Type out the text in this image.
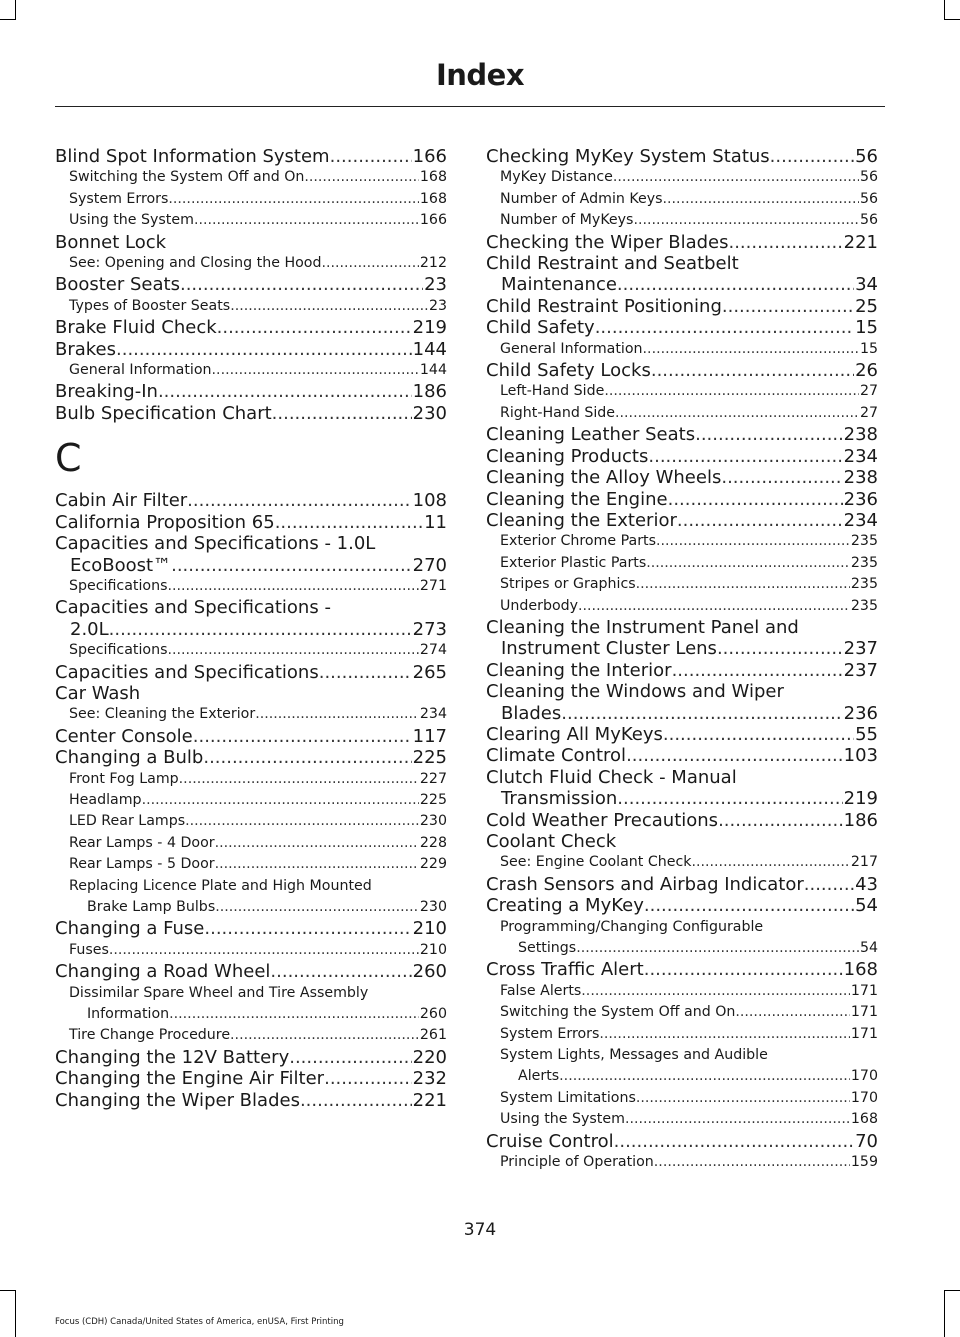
Index
Blind Spot Information System .....	166
Switching the System Off and On .....	168
System Errors .....	168
Using the System .....	166
Bonnet Lock
See: Opening and Closing the Hood .....	212
Booster Seats .....	23
Types of Booster Seats .....	23
Brake Fluid Check .....	219
Brakes .....	144
General Information .....	144
Breaking-In .....	186
Bulb Specification Chart .....	230
C
Cabin Air Filter .....	108
California Proposition 65 .....	11
Capacities and Specifications - 1.0L
EcoBoost™ .....	270
Specifications .....	271
Capacities and Specifications -
2.0L .....	273
Specifications .....	274
Capacities and Specifications .....	265
Car Wash
See: Cleaning the Exterior .....	234
Center Console .....	117
Changing a Bulb .....	225
Front Fog Lamp .....	227
Headlamp .....	225
LED Rear Lamps .....	230
Rear Lamps - 4 Door .....	228
Rear Lamps - 5 Door .....	229
Replacing Licence Plate and High Mounted
Brake Lamp Bulbs .....	230
Changing a Fuse .....	210
Fuses .....	210
Changing a Road Wheel .....	260
Dissimilar Spare Wheel and Tire Assembly
Information .....	260
Tire Change Procedure .....	261
Changing the 12V Battery .....	220
Changing the Engine Air Filter .....	232
Changing the Wiper Blades .....	221
Checking MyKey System Status .....	56
MyKey Distance .....	56
Number of Admin Keys .....	56
Number of MyKeys .....	56
Checking the Wiper Blades .....	221
Child Restraint and Seatbelt
Maintenance .....	34
Child Restraint Positioning .....	25
Child Safety .....	15
General Information .....	15
Child Safety Locks .....	26
Left-Hand Side .....	27
Right-Hand Side .....	27
Cleaning Leather Seats .....	238
Cleaning Products .....	234
Cleaning the Alloy Wheels .....	238
Cleaning the Engine .....	236
Cleaning the Exterior .....	234
Exterior Chrome Parts .....	235
Exterior Plastic Parts .....	235
Stripes or Graphics .....	235
Underbody .....	235
Cleaning the Instrument Panel and
Instrument Cluster Lens .....	237
Cleaning the Interior .....	237
Cleaning the Windows and Wiper
Blades .....	236
Clearing All MyKeys .....	55
Climate Control .....	103
Clutch Fluid Check - Manual
Transmission .....	219
Cold Weather Precautions .....	186
Coolant Check
See: Engine Coolant Check .....	217
Crash Sensors and Airbag Indicator .....	43
Creating a MyKey .....	54
Programming/Changing Configurable
Settings .....	54
Cross Traffic Alert .....	168
False Alerts .....	171
Switching the System Off and On .....	171
System Errors .....	171
System Lights, Messages and Audible
Alerts .....	170
System Limitations .....	170
Using the System .....	168
Cruise Control .....	70
Principle of Operation .....	159
374
Focus (CDH) Canada/United States of America, enUSA, First Printing
